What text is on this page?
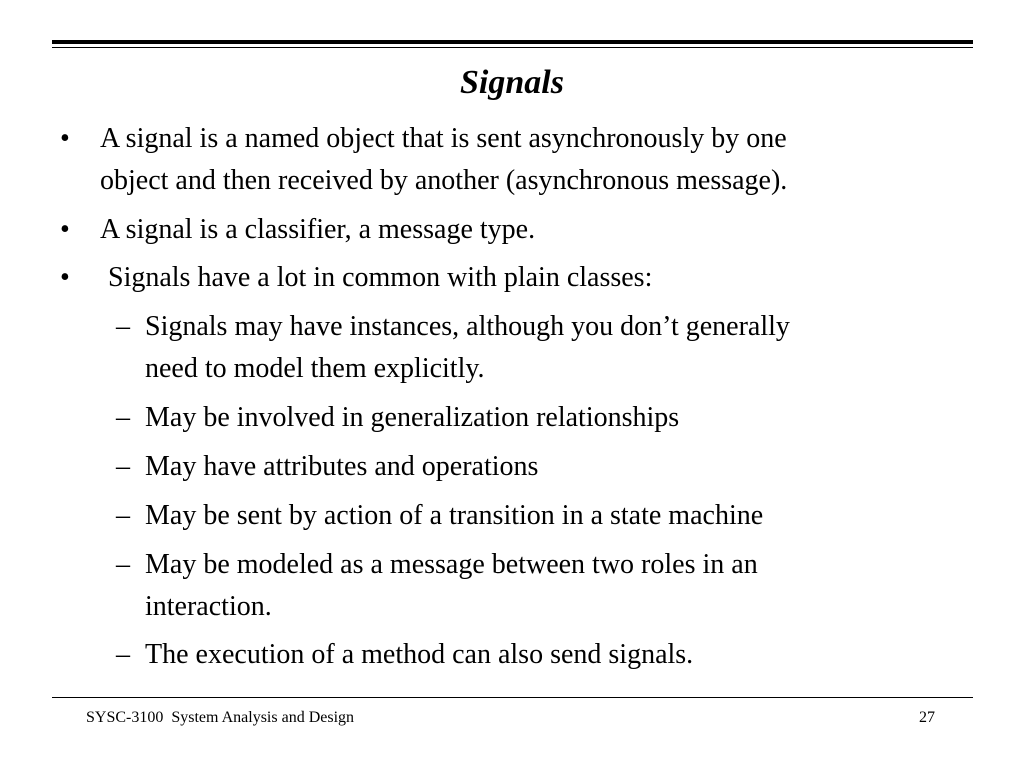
Signals
• A signal is a named object that is sent asynchronously by one
object and then received by another (asynchronous message).
• A signal is a classifier, a message type.
• Signals have a lot in common with plain classes:
– Signals may have instances, although you don’t generally
need to model them explicitly.
– May be involved in generalization relationships
– May have attributes and operations
– May be sent by action of a transition in a state machine
– May be modeled as a message between two roles in an
interaction.
– The execution of a method can also send signals.
SYSC-3100  System Analysis and Design	27
